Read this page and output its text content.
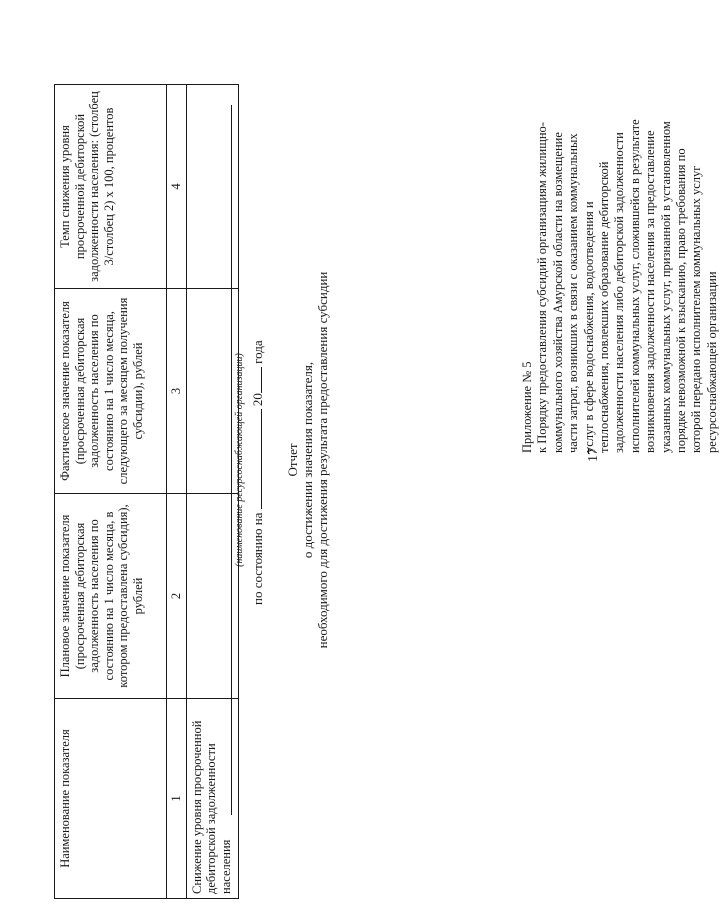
17
Приложение № 5 к Порядку предоставления субсидий организациям жилищно- коммунального хозяйства Амурской области на возмещение части затрат, возникших в связи с оказанием коммунальных услуг в сфере водоснабжения, водоотведения и теплоснабжения, повлекших образование дебиторской задолженности населения либо дебиторской задолженности исполнителей коммунальных услуг, сложившейся в результате возникновения задолженности населения за предоставление указанных коммунальных услуг, признанной в установленном порядке невозможной к взысканию, право требования по которой передано исполнителем коммунальных услуг ресурсоснабжающей организации
Отчет о достижении значения показателя, необходимого для достижения результата предоставления субсидии
по состоянию на  20 года
(наименование ресурсоснабжающей организации)
Наименование показателя	Плановое значение показателя (просроченная дебиторская задолженность населения по состоянию на 1 число месяца, в котором предоставлена субсидия), рублей	Фактическое значение показателя (просроченная дебиторская задолженность населения по состоянию на 1 число месяца, следующего за месяцем получения субсидии), рублей	Темп снижения уровня просроченной дебиторской задолженности населения: (столбец 3/столбец 2) x 100, процентов
1	2	3	4
Снижение уровня просроченной дебиторской задолженности населения			
